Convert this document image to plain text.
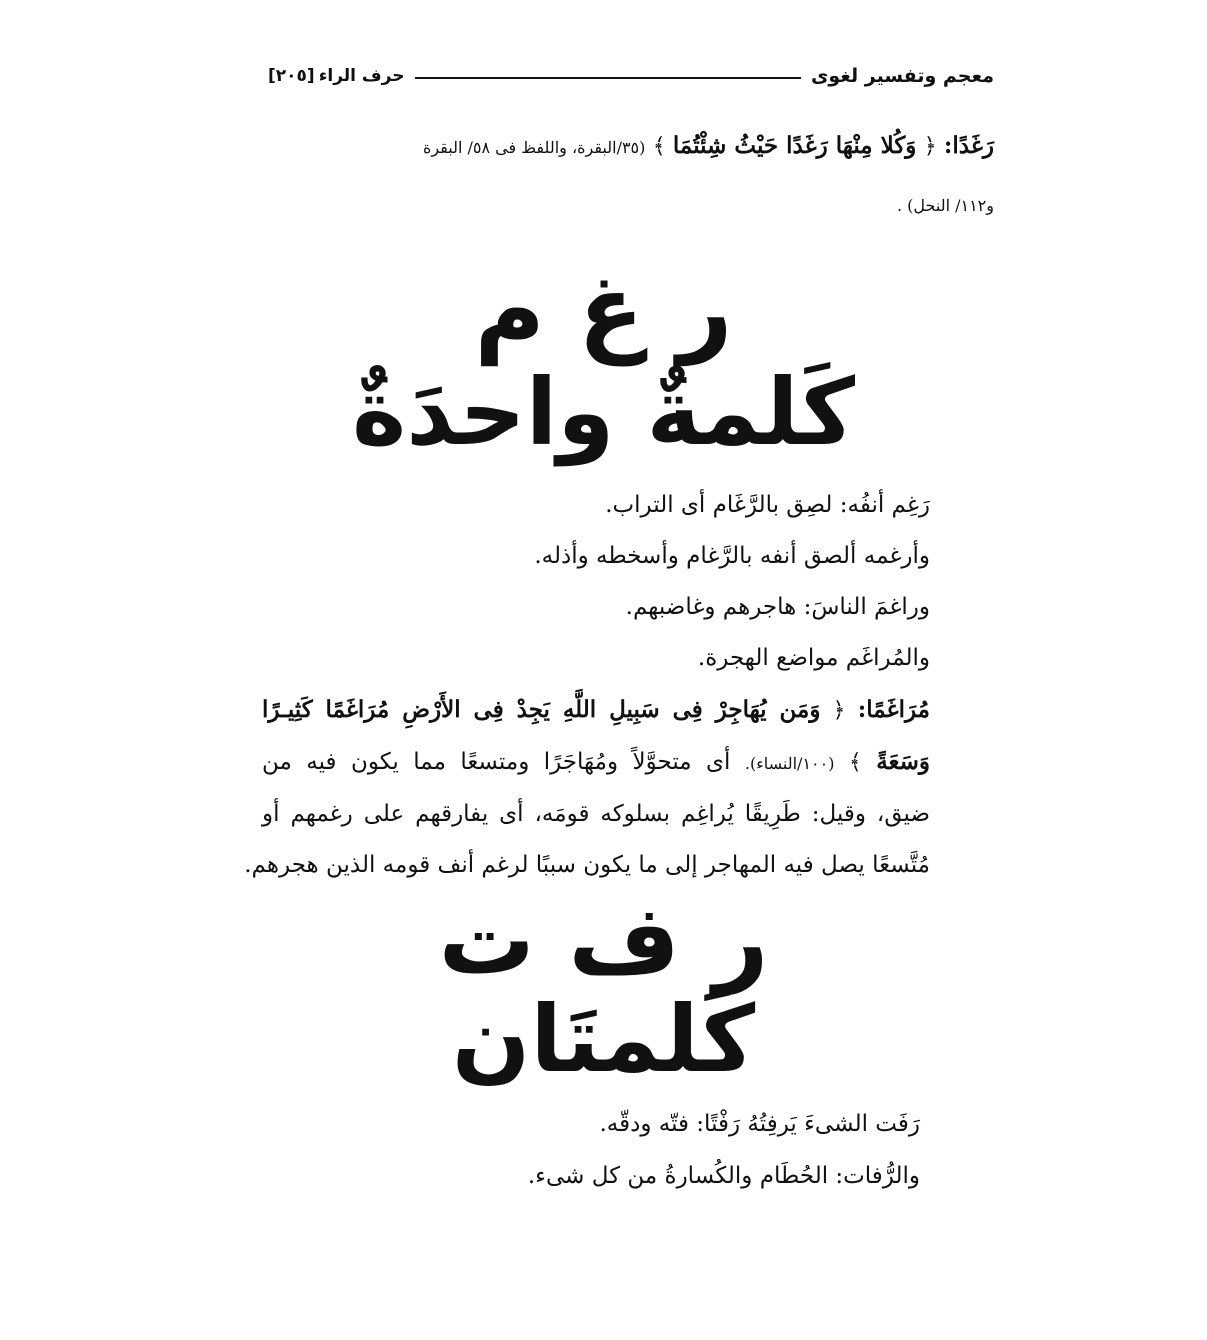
معجم وتفسير لغوى
حرف الراء
[٢٠٥]
رَغَدًا: ﴿ وَكُلا مِنْهَا رَغَدًا حَيْثُ شِئْتُمَا ﴾ (٣٥/البقرة، واللفظ فى ٥٨/ البقرة
و١١٢/ النحل) .
ر غ م
كَلمةٌ واحدَةٌ
رَغِم أنفُه: لصِق بالرَّغَام أى التراب.
وأرغمه ألصق أنفه بالرَّغام وأسخطه وأذله.
وراغمَ الناسَ: هاجرهم وغاضبهم.
والمُراغَم مواضع الهجرة.
مُرَاغَمًا: ﴿ وَمَن يُهَاجِرْ فِى سَبِيلِ اللَّهِ يَجِدْ فِى الأَرْضِ مُرَاغَمًا كَثِيـرًا
وَسَعَةً ﴾ (١٠٠/النساء). أى متحوَّلاً ومُهَاجَرًا ومتسعًا مما يكون فيه من
ضيق، وقيل: طَرِيقًا يُراغِم بسلوكه قومَه، أى يفارقهم على رغمهم أو
مُتَّسعًا يصل فيه المهاجر إلى ما يكون سببًا لرغم أنف قومه الذين هجرهم.
ر ف ت
كَلمتَان
رَفَت الشىءَ يَرفِتُهُ رَفْتًا: فتّه ودقّه.
والرُّفات: الحُطَام والكُسارةُ من كل شىء.
